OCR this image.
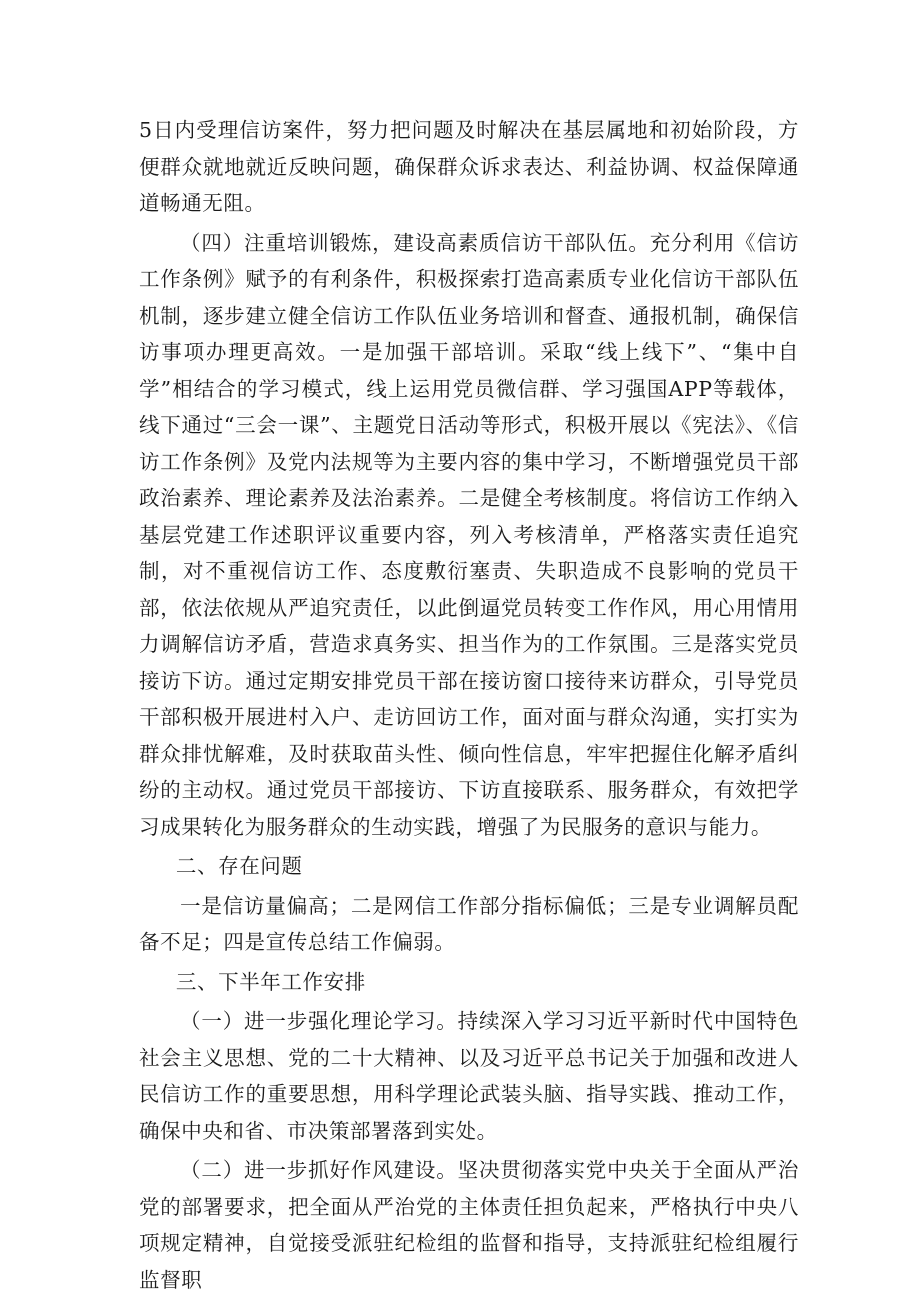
5日内受理信访案件，努力把问题及时解决在基层属地和初始阶段，方便群众就地就近反映问题，确保群众诉求表达、利益协调、权益保障通道畅通无阻。

（四）注重培训锻炼，建设高素质信访干部队伍。充分利用《信访工作条例》赋予的有利条件，积极探索打造高素质专业化信访干部队伍机制，逐步建立健全信访工作队伍业务培训和督查、通报机制，确保信访事项办理更高效。一是加强干部培训。采取“线上线下”、“集中自学”相结合的学习模式，线上运用党员微信群、学习强国APP等载体，线下通过“三会一课”、主题党日活动等形式，积极开展以《宪法》、《信访工作条例》及党内法规等为主要内容的集中学习，不断增强党员干部政治素养、理论素养及法治素养。二是健全考核制度。将信访工作纳入基层党建工作述职评议重要内容，列入考核清单，严格落实责任追究制，对不重视信访工作、态度敷衍塞责、失职造成不良影响的党员干部，依法依规从严追究责任，以此倒逼党员转变工作作风，用心用情用力调解信访矛盾，营造求真务实、担当作为的工作氛围。三是落实党员接访下访。通过定期安排党员干部在接访窗口接待来访群众，引导党员干部积极开展进村入户、走访回访工作，面对面与群众沟通，实打实为群众排忧解难，及时获取苗头性、倾向性信息，牢牢把握住化解矛盾纠纷的主动权。通过党员干部接访、下访直接联系、服务群众，有效把学习成果转化为服务群众的生动实践，增强了为民服务的意识与能力。

二、存在问题

一是信访量偏高；二是网信工作部分指标偏低；三是专业调解员配备不足；四是宣传总结工作偏弱。

三、下半年工作安排

（一）进一步强化理论学习。持续深入学习习近平新时代中国特色社会主义思想、党的二十大精神、以及习近平总书记关于加强和改进人民信访工作的重要思想，用科学理论武装头脑、指导实践、推动工作，确保中央和省、市决策部署落到实处。

（二）进一步抓好作风建设。坚决贯彻落实党中央关于全面从严治党的部署要求，把全面从严治党的主体责任担负起来，严格执行中央八项规定精神，自觉接受派驻纪检组的监督和指导，支持派驻纪检组履行监督职
